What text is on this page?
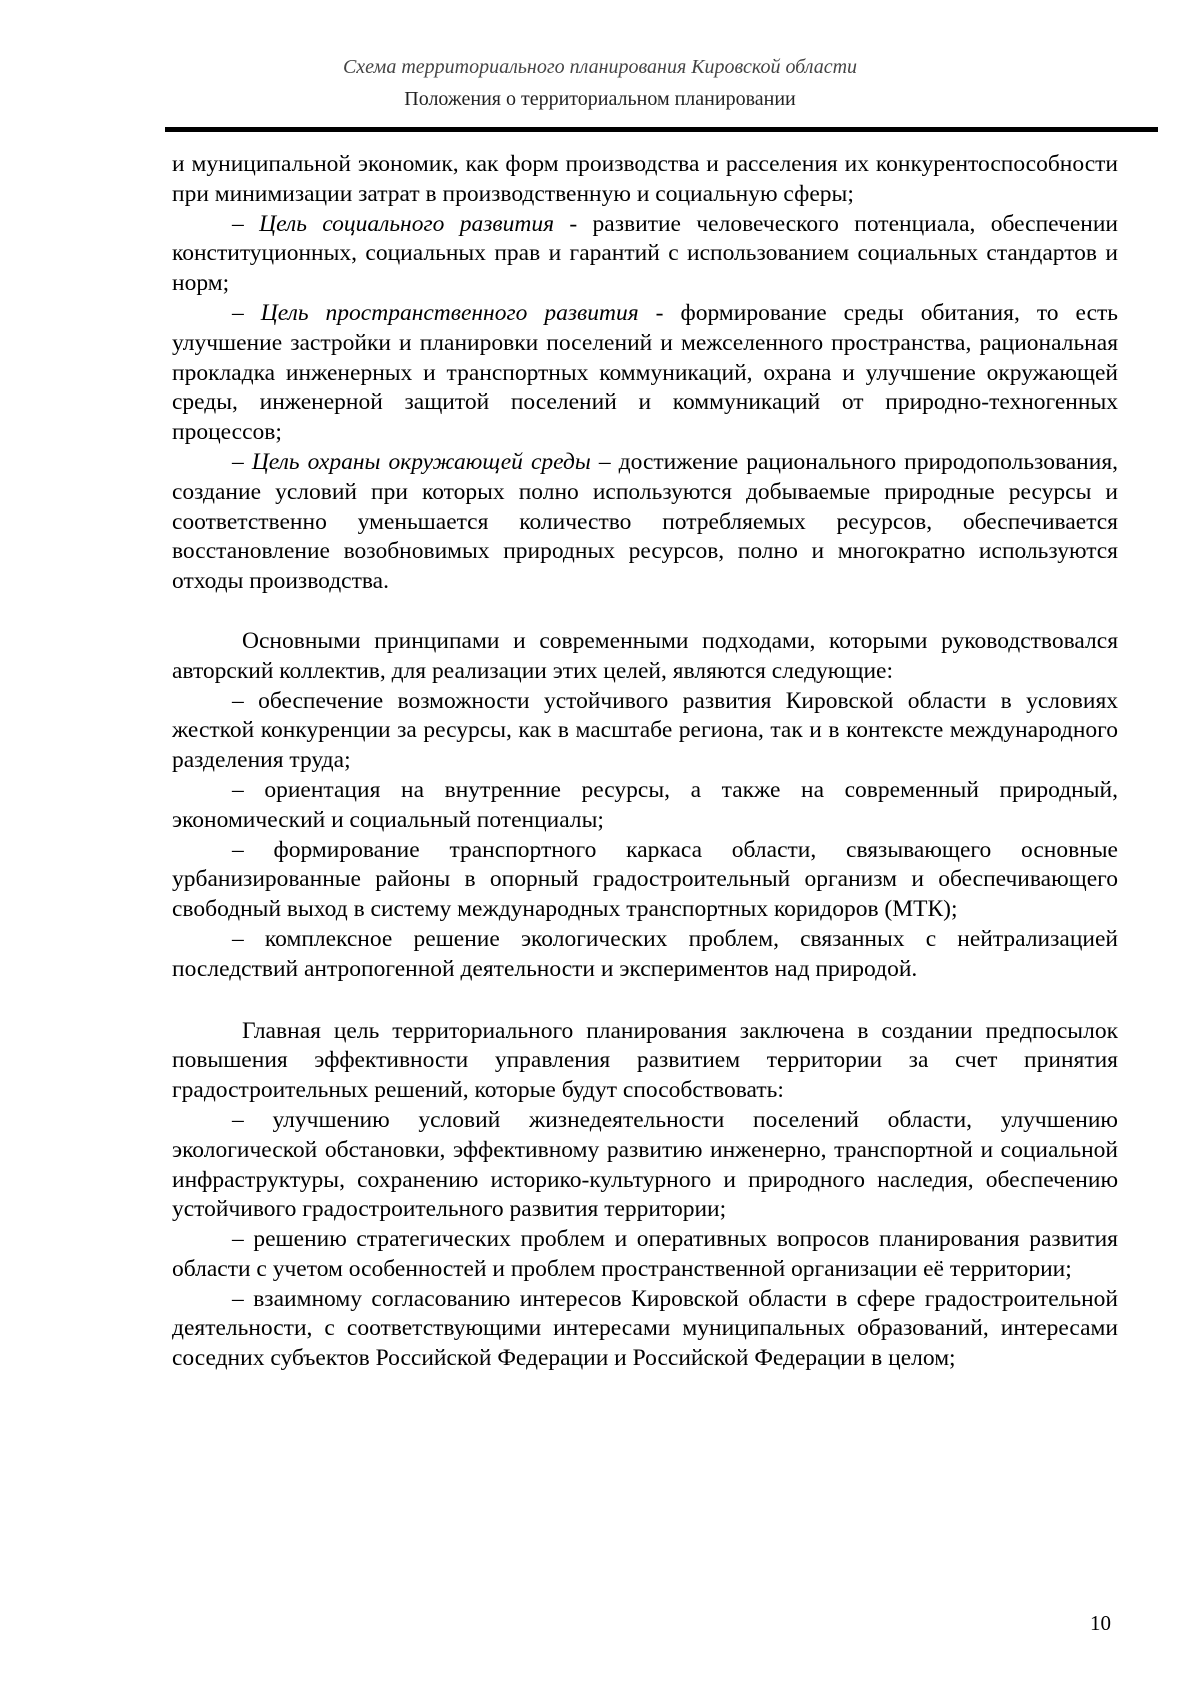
Схема территориального планирования Кировской области
Положения о территориальном планировании

и муниципальной экономик, как форм производства и расселения их конкурентоспособности при минимизации затрат в производственную и социальную сферы;

– Цель социального развития - развитие человеческого потенциала, обеспечении конституционных, социальных прав и гарантий с использованием социальных стандартов и норм;

– Цель пространственного развития - формирование среды обитания, то есть улучшение застройки и планировки поселений и межселенного пространства, рациональная прокладка инженерных и транспортных коммуникаций, охрана и улучшение окружающей среды, инженерной защитой поселений и коммуникаций от природно-техногенных процессов;

– Цель охраны окружающей среды – достижение рационального природопользования, создание условий при которых полно используются добываемые природные ресурсы и соответственно уменьшается количество потребляемых ресурсов, обеспечивается восстановление возобновимых природных ресурсов, полно и многократно используются отходы производства.

Основными принципами и современными подходами, которыми руководствовался авторский коллектив, для реализации этих целей, являются следующие:

– обеспечение возможности устойчивого развития Кировской области в условиях жесткой конкуренции за ресурсы, как в масштабе региона, так и в контексте международного разделения труда;

– ориентация на внутренние ресурсы, а также на современный природный, экономический и социальный потенциалы;

– формирование транспортного каркаса области, связывающего основные урбанизированные районы в опорный градостроительный организм и обеспечивающего свободный выход в систему международных транспортных коридоров (МТК);

– комплексное решение экологических проблем, связанных с нейтрализацией последствий антропогенной деятельности и экспериментов над природой.

Главная цель территориального планирования заключена в создании предпосылок повышения эффективности управления развитием территории за счет принятия градостроительных решений, которые будут способствовать:

– улучшению условий жизнедеятельности поселений области, улучшению экологической обстановки, эффективному развитию инженерно, транспортной и социальной инфраструктуры, сохранению историко-культурного и природного наследия, обеспечению устойчивого градостроительного развития территории;

– решению стратегических проблем и оперативных вопросов планирования развития области с учетом особенностей и проблем пространственной организации её территории;

– взаимному согласованию интересов Кировской области в сфере градостроительной деятельности, с соответствующими интересами муниципальных образований, интересами соседних субъектов Российской Федерации и Российской Федерации в целом;

10
